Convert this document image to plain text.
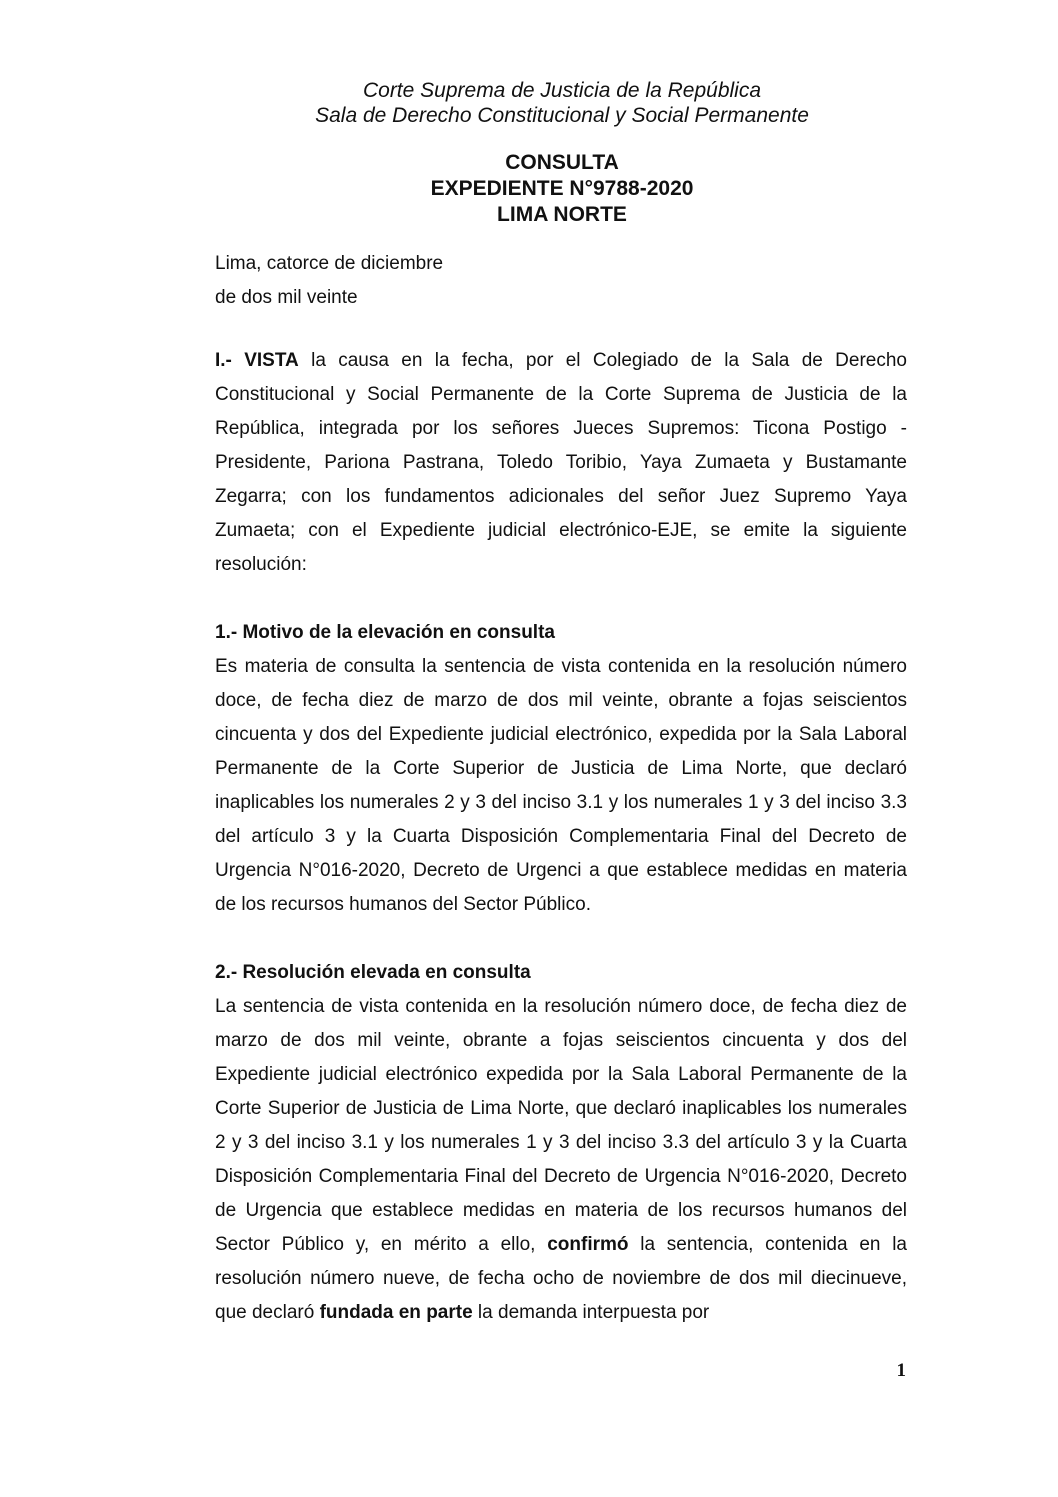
Corte Suprema de Justicia de la República
Sala de Derecho Constitucional y Social Permanente
CONSULTA
EXPEDIENTE N°9788-2020
LIMA NORTE
Lima, catorce de diciembre
de dos mil veinte

I.- VISTA la causa en la fecha, por el Colegiado de la Sala de Derecho Constitucional y Social Permanente de la Corte Suprema de Justicia de la República, integrada por los señores Jueces Supremos: Ticona Postigo - Presidente, Pariona Pastrana, Toledo Toribio, Yaya Zumaeta y Bustamante Zegarra; con los fundamentos adicionales del señor Juez Supremo Yaya Zumaeta; con el Expediente judicial electrónico-EJE, se emite la siguiente resolución:

1.- Motivo de la elevación en consulta

Es materia de consulta la sentencia de vista contenida en la resolución número doce, de fecha diez de marzo de dos mil veinte, obrante a fojas seiscientos cincuenta y dos del Expediente judicial electrónico, expedida por la Sala Laboral Permanente de la Corte Superior de Justicia de Lima Norte, que declaró inaplicables los numerales 2 y 3 del inciso 3.1 y los numerales 1 y 3 del inciso 3.3 del artículo 3 y la Cuarta Disposición Complementaria Final del Decreto de Urgencia N°016-2020, Decreto de Urgenci a que establece medidas en materia de los recursos humanos del Sector Público.

2.- Resolución elevada en consulta

La sentencia de vista contenida en la resolución número doce, de fecha diez de marzo de dos mil veinte, obrante a fojas seiscientos cincuenta y dos del Expediente judicial electrónico expedida por la Sala Laboral Permanente de la Corte Superior de Justicia de Lima Norte, que declaró inaplicables los numerales 2 y 3 del inciso 3.1 y los numerales 1 y 3 del inciso 3.3 del artículo 3 y la Cuarta Disposición Complementaria Final del Decreto de Urgencia N°016-2020, Decreto de Urgencia que establece medidas en materia de los recursos humanos del Sector Público y, en mérito a ello, confirmó la sentencia, contenida en la resolución número nueve, de fecha ocho de noviembre de dos mil diecinueve, que declaró fundada en parte la demanda interpuesta por

1
